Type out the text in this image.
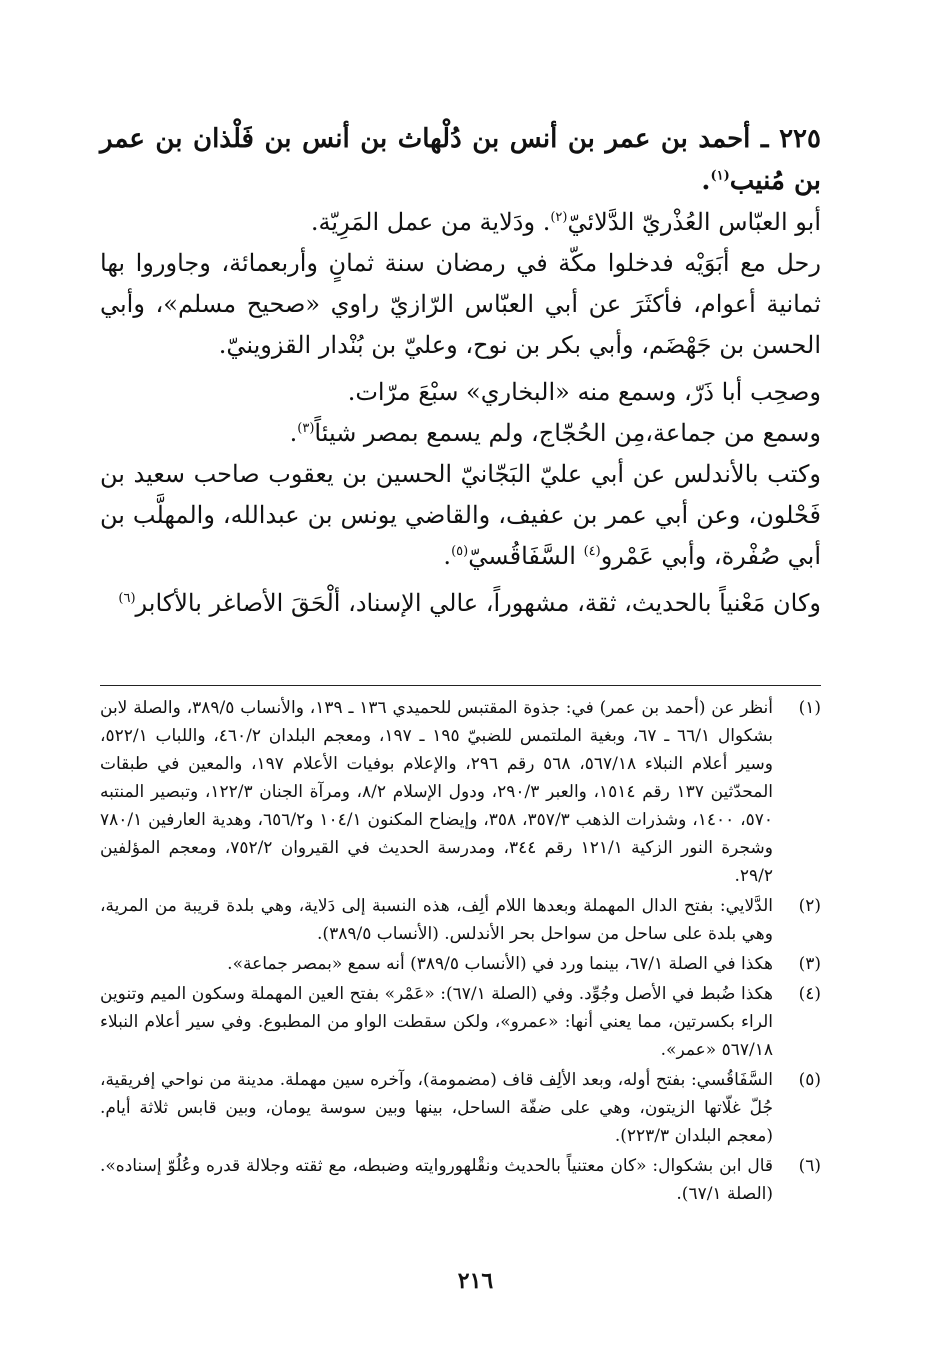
٢٢٥ ـ أحمد بن عمر بن أنس بن دُلْهاث بن أنس بن فَلْذان بن عمر بن مُنيب$^{(١)}$.

أبو العبّاس العُذْريّ الدَّلائيّ$^{(٢)}$. ودَلاية من عمل المَرِيّة.

رحل مع أبَوَيْه فدخلوا مكّة في رمضان سنة ثمانٍ وأربعمائة، وجاوروا بها ثمانية أعوام، فأكثَرَ عن أبي العبّاس الرّازيّ راوي «صحيح مسلم»، وأبي الحسن بن جَهْضَم، وأبي بكر بن نوح، وعليّ بن بُنْدار القزوينيّ.

وصحِب أبا ذَرّ، وسمع منه «البخاري» سبْعَ مرّات.

وسمع من جماعة،مِن الحُجّاج، ولم يسمع بمصر شيئاً$^{(٣)}$.

وكتب بالأندلس عن أبي عليّ البَجّانيّ الحسين بن يعقوب صاحب سعيد بن فَحْلون، وعن أبي عمر بن عفيف، والقاضي يونس بن عبدالله، والمهلَّب بن أبي صُفْرة، وأبي عَمْرو$^{(٤)}$ السَّفَاقُسيّ$^{(٥)}$.

وكان مَعْنياً بالحديث، ثقة، مشهوراً، عالي الإسناد، ألْحَقَ الأصاغر بالأكابر$^{(٦)}$

(١)
أنظر عن (أحمد بن عمر) في: جذوة المقتبس للحميدي ١٣٦ ـ ١٣٩، والأنساب ٣٨٩/٥، والصلة لابن بشكوال ٦٦/١ ـ ٦٧، وبغية الملتمس للضبيّ ١٩٥ ـ ١٩٧، ومعجم البلدان ٤٦٠/٢، واللباب ٥٢٢/١، وسير أعلام النبلاء ٥٦٧/١٨، ٥٦٨ رقم ٢٩٦، والإعلام بوفيات الأعلام ١٩٧، والمعين في طبقات المحدّثين ١٣٧ رقم ١٥١٤، والعبر ٢٩٠/٣، ودول الإسلام ٨/٢، ومرآة الجنان ١٢٢/٣، وتبصير المنتبه ٥٧٠، ١٤٠٠، وشذرات الذهب ٣٥٧/٣، ٣٥٨، وإيضاح المكنون ١٠٤/١ و٦٥٦/٢، وهدية العارفين ٧٨٠/١ وشجرة النور الزكية ١٢١/١ رقم ٣٤٤، ومدرسة الحديث في القيروان ٧٥٢/٢، ومعجم المؤلفين ٢٩/٢.
(٢)
الدَّلايي: بفتح الدال المهملة وبعدها اللام ألِف، هذه النسبة إلى دَلاية، وهي بلدة قريبة من المرية، وهي بلدة على ساحل من سواحل بحر الأندلس. (الأنساب ٣٨٩/٥).
(٣)
هكذا في الصلة ٦٧/١، بينما ورد في (الأنساب ٣٨٩/٥) أنه سمع «بمصر جماعة».
(٤)
هكذا ضُبط في الأصل وجُوِّد. وفي (الصلة ٦٧/١): «عَمْر» بفتح العين المهملة وسكون الميم وتنوين الراء بكسرتين، مما يعني أنها: «عمرو»، ولكن سقطت الواو من المطبوع. وفي سير أعلام النبلاء ٥٦٧/١٨ «عمر».
(٥)
السَّفَاقُسي: بفتح أوله، وبعد الألِف قاف (مضمومة)، وآخره سين مهملة. مدينة من نواحي إفريقية، جُلّ غلّاتها الزيتون، وهي على ضفّة الساحل، بينها وبين سوسة يومان، وبين قابس ثلاثة أيام. (معجم البلدان ٢٢٣/٣).
(٦)
قال ابن بشكوال: «كان معتنياً بالحديث ونقْلهوروايته وضبطه، مع ثقته وجلالة قدره وعُلُوّ إسناده». (الصلة ٦٧/١).
٢١٦
